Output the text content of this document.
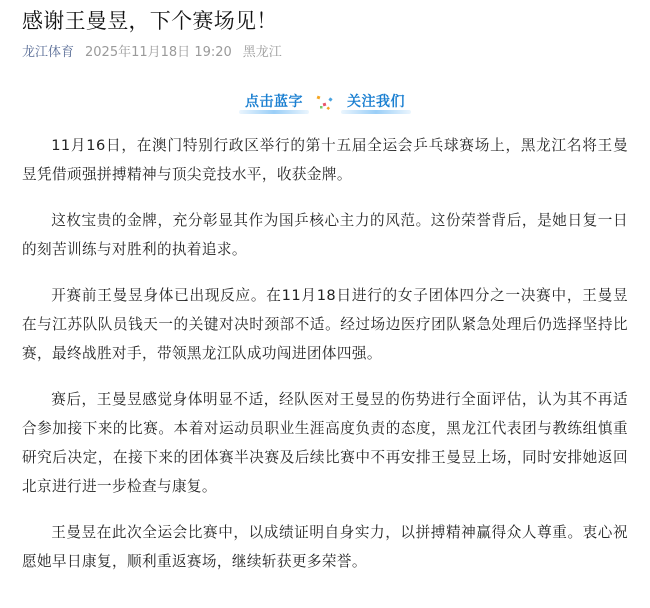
感谢王曼昱，下个赛场见！
龙江体育 2025年11月18日 19:20 黑龙江
点击蓝字	关注我们

11月16日，在澳门特别行政区举行的第十五届全运会乒乓球赛场上，黑龙江名将王曼昱凭借顽强拼搏精神与顶尖竞技水平，收获金牌。

这枚宝贵的金牌，充分彰显其作为国乒核心主力的风范。这份荣誉背后，是她日复一日的刻苦训练与对胜利的执着追求。

开赛前王曼昱身体已出现反应。在11月18日进行的女子团体四分之一决赛中，王曼昱在与江苏队队员钱天一的关键对决时颈部不适。经过场边医疗团队紧急处理后仍选择坚持比赛，最终战胜对手，带领黑龙江队成功闯进团体四强。

赛后，王曼昱感觉身体明显不适，经队医对王曼昱的伤势进行全面评估，认为其不再适合参加接下来的比赛。本着对运动员职业生涯高度负责的态度，黑龙江代表团与教练组慎重研究后决定，在接下来的团体赛半决赛及后续比赛中不再安排王曼昱上场，同时安排她返回北京进行进一步检查与康复。

王曼昱在此次全运会比赛中，以成绩证明自身实力，以拼搏精神赢得众人尊重。衷心祝愿她早日康复，顺利重返赛场，继续斩获更多荣誉。
